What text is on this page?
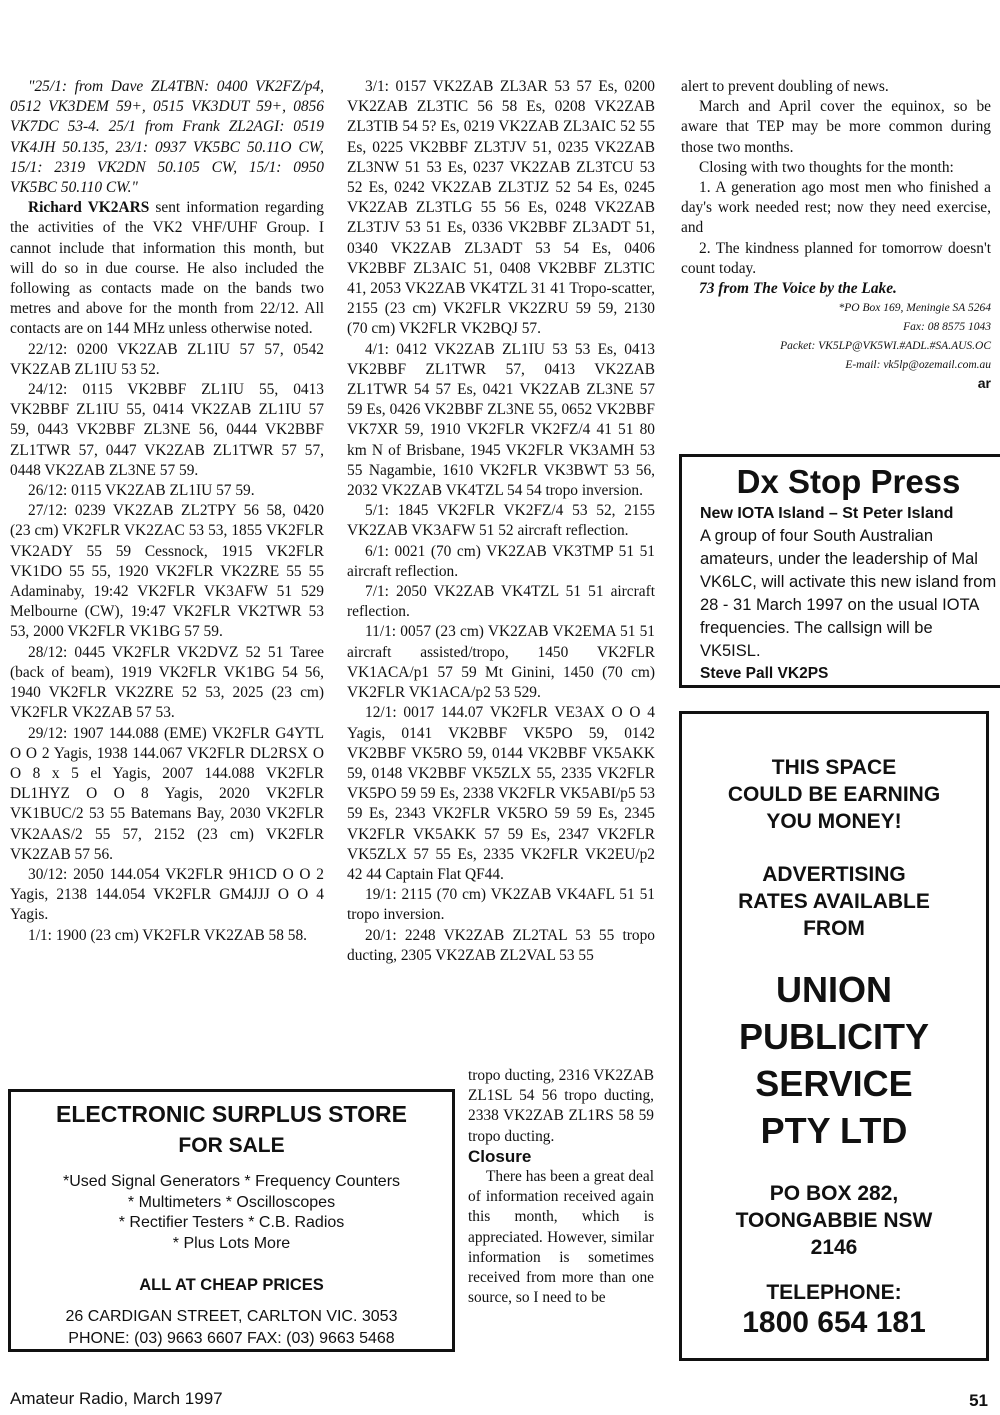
"25/1: from Dave ZL4TBN: 0400 VK2FZ/p4, 0512 VK3DEM 59+, 0515 VK3DUT 59+, 0856 VK7DC 53-4. 25/1 from Frank ZL2AGI: 0519 VK4JH 50.135, 23/1: 0937 VK5BC 50.11O CW, 15/1: 2319 VK2DN 50.105 CW, 15/1: 0950 VK5BC 50.110 CW."

Richard VK2ARS sent information regarding the activities of the VK2 VHF/UHF Group. I cannot include that information this month, but will do so in due course. He also included the following as contacts made on the bands two metres and above for the month from 22/12. All contacts are on 144 MHz unless otherwise noted.

22/12: 0200 VK2ZAB ZL1IU 57 57, 0542 VK2ZAB ZL1IU 53 52.

24/12: 0115 VK2BBF ZL1IU 55, 0413 VK2BBF ZL1IU 55, 0414 VK2ZAB ZL1IU 57 59, 0443 VK2BBF ZL3NE 56, 0444 VK2BBF ZL1TWR 57, 0447 VK2ZAB ZL1TWR 57 57, 0448 VK2ZAB ZL3NE 57 59.

26/12: 0115 VK2ZAB ZL1IU 57 59.

27/12: 0239 VK2ZAB ZL2TPY 56 58, 0420 (23 cm) VK2FLR VK2ZAC 53 53, 1855 VK2FLR VK2ADY 55 59 Cessnock, 1915 VK2FLR VK1DO 55 55, 1920 VK2FLR VK2ZRE 55 55 Adaminaby, 19:42 VK2FLR VK3AFW 51 529 Melbourne (CW), 19:47 VK2FLR VK2TWR 53 53, 2000 VK2FLR VK1BG 57 59.

28/12: 0445 VK2FLR VK2DVZ 52 51 Taree (back of beam), 1919 VK2FLR VK1BG 54 56, 1940 VK2FLR VK2ZRE 52 53, 2025 (23 cm) VK2FLR VK2ZAB 57 53.

29/12: 1907 144.088 (EME) VK2FLR G4YTL O O 2 Yagis, 1938 144.067 VK2FLR DL2RSX O O 8 x 5 el Yagis, 2007 144.088 VK2FLR DL1HYZ O O 8 Yagis, 2020 VK2FLR VK1BUC/2 53 55 Batemans Bay, 2030 VK2FLR VK2AAS/2 55 57, 2152 (23 cm) VK2FLR VK2ZAB 57 56.

30/12: 2050 144.054 VK2FLR 9H1CD O O 2 Yagis, 2138 144.054 VK2FLR GM4JJJ O O 4 Yagis.

1/1: 1900 (23 cm) VK2FLR VK2ZAB 58 58.

3/1: 0157 VK2ZAB ZL3AR 53 57 Es, 0200 VK2ZAB ZL3TIC 56 58 Es, 0208 VK2ZAB ZL3TIB 54 5? Es, 0219 VK2ZAB ZL3AIC 52 55 Es, 0225 VK2BBF ZL3TJV 51, 0235 VK2ZAB ZL3NW 51 53 Es, 0237 VK2ZAB ZL3TCU 53 52 Es, 0242 VK2ZAB ZL3TJZ 52 54 Es, 0245 VK2ZAB ZL3TLG 55 56 Es, 0248 VK2ZAB ZL3TJV 53 51 Es, 0336 VK2BBF ZL3ADT 51, 0340 VK2ZAB ZL3ADT 53 54 Es, 0406 VK2BBF ZL3AIC 51, 0408 VK2BBF ZL3TIC 41, 2053 VK2ZAB VK4TZL 31 41 Tropo-scatter, 2155 (23 cm) VK2FLR VK2ZRU 59 59, 2130 (70 cm) VK2FLR VK2BQJ 57.

4/1: 0412 VK2ZAB ZL1IU 53 53 Es, 0413 VK2BBF ZL1TWR 57, 0413 VK2ZAB ZL1TWR 54 57 Es, 0421 VK2ZAB ZL3NE 57 59 Es, 0426 VK2BBF ZL3NE 55, 0652 VK2BBF VK7XR 59, 1910 VK2FLR VK2FZ/4 41 51 80 km N of Brisbane, 1945 VK2FLR VK3AMH 53 55 Nagambie, 1610 VK2FLR VK3BWT 53 56, 2032 VK2ZAB VK4TZL 54 54 tropo inversion.

5/1: 1845 VK2FLR VK2FZ/4 53 52, 2155 VK2ZAB VK3AFW 51 52 aircraft reflection.

6/1: 0021 (70 cm) VK2ZAB VK3TMP 51 51 aircraft reflection.

7/1: 2050 VK2ZAB VK4TZL 51 51 aircraft reflection.

11/1: 0057 (23 cm) VK2ZAB VK2EMA 51 51 aircraft assisted/tropo, 1450 VK2FLR VK1ACA/p1 57 59 Mt Ginini, 1450 (70 cm) VK2FLR VK1ACA/p2 53 529.

12/1: 0017 144.07 VK2FLR VE3AX O O 4 Yagis, 0141 VK2BBF VK5PO 59, 0142 VK2BBF VK5RO 59, 0144 VK2BBF VK5AKK 59, 0148 VK2BBF VK5ZLX 55, 2335 VK2FLR VK5PO 59 59 Es, 2338 VK2FLR VK5ABI/p5 53 59 Es, 2343 VK2FLR VK5RO 59 59 Es, 2345 VK2FLR VK5AKK 57 59 Es, 2347 VK2FLR VK5ZLX 57 55 Es, 2335 VK2FLR VK2EU/p2 42 44 Captain Flat QF44.

19/1: 2115 (70 cm) VK2ZAB VK4AFL 51 51 tropo inversion.

20/1: 2248 VK2ZAB ZL2TAL 53 55 tropo ducting, 2305 VK2ZAB ZL2VAL 53 55

tropo ducting, 2316 VK2ZAB ZL1SL 54 56 tropo ducting, 2338 VK2ZAB ZL1RS 58 59 tropo ducting.

Closure

There has been a great deal of information received again this month, which is appreciated. However, similar information is sometimes received from more than one source, so I need to be

alert to prevent doubling of news.

March and April cover the equinox, so be aware that TEP may be more common during those two months.

Closing with two thoughts for the month:

1. A generation ago most men who finished a day's work needed rest; now they need exercise, and

2. The kindness planned for tomorrow doesn't count today.

73 from The Voice by the Lake.

*PO Box 169, Meningie SA 5264

Fax: 08 8575 1043

Packet: VK5LP@VK5WI.#ADL.#SA.AUS.OC

E-mail: vk5lp@ozemail.com.au

ar

Dx Stop Press
New IOTA Island – St Peter Island
A group of four South Australian amateurs, under the leadership of Mal VK6LC, will activate this new island from 28 - 31 March 1997 on the usual IOTA frequencies. The callsign will be VK5ISL.
Steve Pall VK2PS
THIS SPACE
COULD BE EARNING
YOU MONEY!
ADVERTISING
RATES AVAILABLE
FROM
UNION
PUBLICITY
SERVICE
PTY LTD
PO BOX 282,
TOONGABBIE NSW
2146
TELEPHONE:
1800 654 181
ELECTRONIC SURPLUS STORE
FOR SALE
*Used Signal Generators * Frequency Counters
* Multimeters * Oscilloscopes
* Rectifier Testers * C.B. Radios
* Plus Lots More
ALL AT CHEAP PRICES
26 CARDIGAN STREET, CARLTON VIC. 3053
PHONE: (03) 9663 6607 FAX: (03) 9663 5468
Amateur Radio, March 1997	51
